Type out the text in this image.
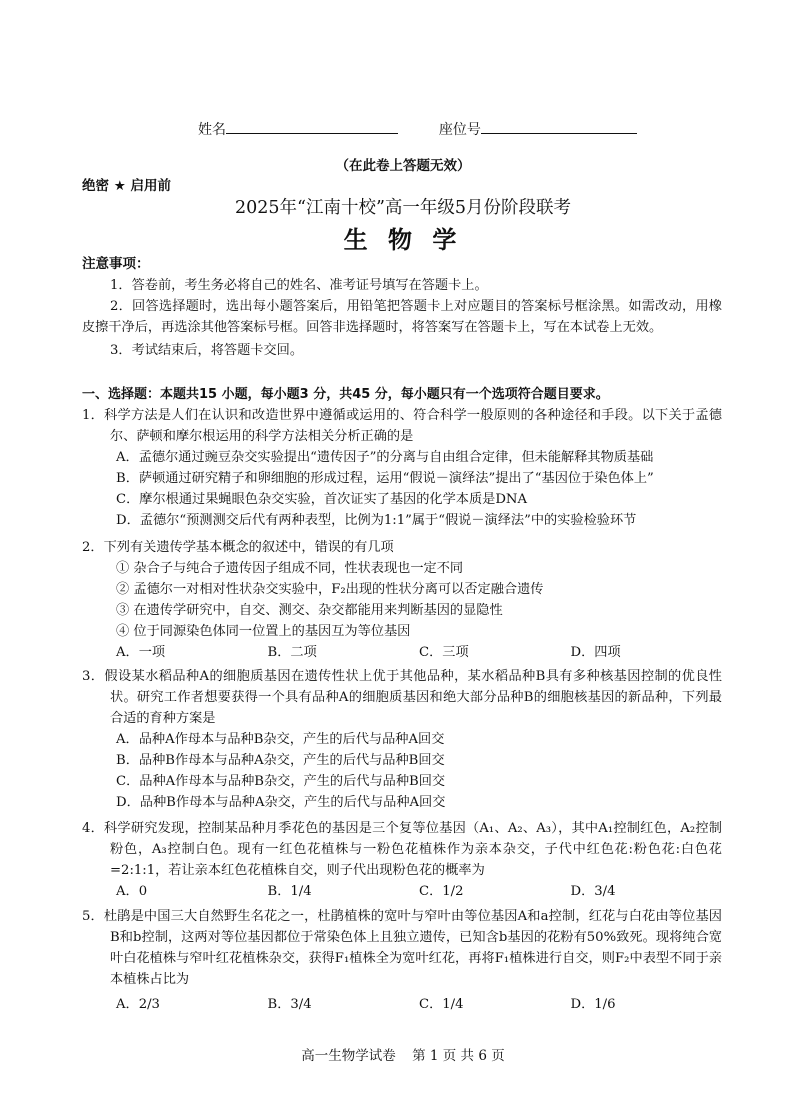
姓名	座位号
（在此卷上答题无效）
绝密 ★ 启用前
2025年“江南十校”高一年级5月份阶段联考
生 物 学
注意事项：

1．答卷前，考生务必将自己的姓名、准考证号填写在答题卡上。

2．回答选择题时，选出每小题答案后，用铅笔把答题卡上对应题目的答案标号框涂黑。如需改动，用橡皮擦干净后，再选涂其他答案标号框。回答非选择题时，将答案写在答题卡上，写在本试卷上无效。

3．考试结束后，将答题卡交回。

一、选择题：本题共15 小题，每小题3 分，共45 分，每小题只有一个选项符合题目要求。
1．科学方法是人们在认识和改造世界中遵循或运用的、符合科学一般原则的各种途径和手段。以下关于孟德尔、萨顿和摩尔根运用的科学方法相关分析正确的是
A．孟德尔通过豌豆杂交实验提出“遗传因子”的分离与自由组合定律，但未能解释其物质基础
B．萨顿通过研究精子和卵细胞的形成过程，运用“假说－演绎法”提出了“基因位于染色体上”
C．摩尔根通过果蝇眼色杂交实验，首次证实了基因的化学本质是DNA
D．孟德尔“预测测交后代有两种表型，比例为1:1”属于“假说－演绎法”中的实验检验环节
2．下列有关遗传学基本概念的叙述中，错误的有几项
① 杂合子与纯合子遗传因子组成不同，性状表现也一定不同
② 孟德尔一对相对性状杂交实验中，F₂出现的性状分离可以否定融合遗传
③ 在遗传学研究中，自交、测交、杂交都能用来判断基因的显隐性
④ 位于同源染色体同一位置上的基因互为等位基因
A．一项	B．二项	C．三项	D．四项
3．假设某水稻品种A的细胞质基因在遗传性状上优于其他品种，某水稻品种B具有多种核基因控制的优良性状。研究工作者想要获得一个具有品种A的细胞质基因和绝大部分品种B的细胞核基因的新品种，下列最合适的育种方案是
A．品种A作母本与品种B杂交，产生的后代与品种A回交
B．品种B作母本与品种A杂交，产生的后代与品种B回交
C．品种A作母本与品种B杂交，产生的后代与品种B回交
D．品种B作母本与品种A杂交，产生的后代与品种A回交
4．科学研究发现，控制某品种月季花色的基因是三个复等位基因（A₁、A₂、A₃），其中A₁控制红色，A₂控制粉色，A₃控制白色。现有一红色花植株与一粉色花植株作为亲本杂交，子代中红色花:粉色花:白色花=2:1:1，若让亲本红色花植株自交，则子代出现粉色花的概率为
A．0	B．1/4	C．1/2	D．3/4
5．杜鹃是中国三大自然野生名花之一，杜鹃植株的宽叶与窄叶由等位基因A和a控制，红花与白花由等位基因B和b控制，这两对等位基因都位于常染色体上且独立遗传，已知含b基因的花粉有50%致死。现将纯合宽叶白花植株与窄叶红花植株杂交，获得F₁植株全为宽叶红花，再将F₁植株进行自交，则F₂中表型不同于亲本植株占比为
A．2/3	B．3/4	C．1/4	D．1/6
高一生物学试卷 第 1 页 共 6 页
